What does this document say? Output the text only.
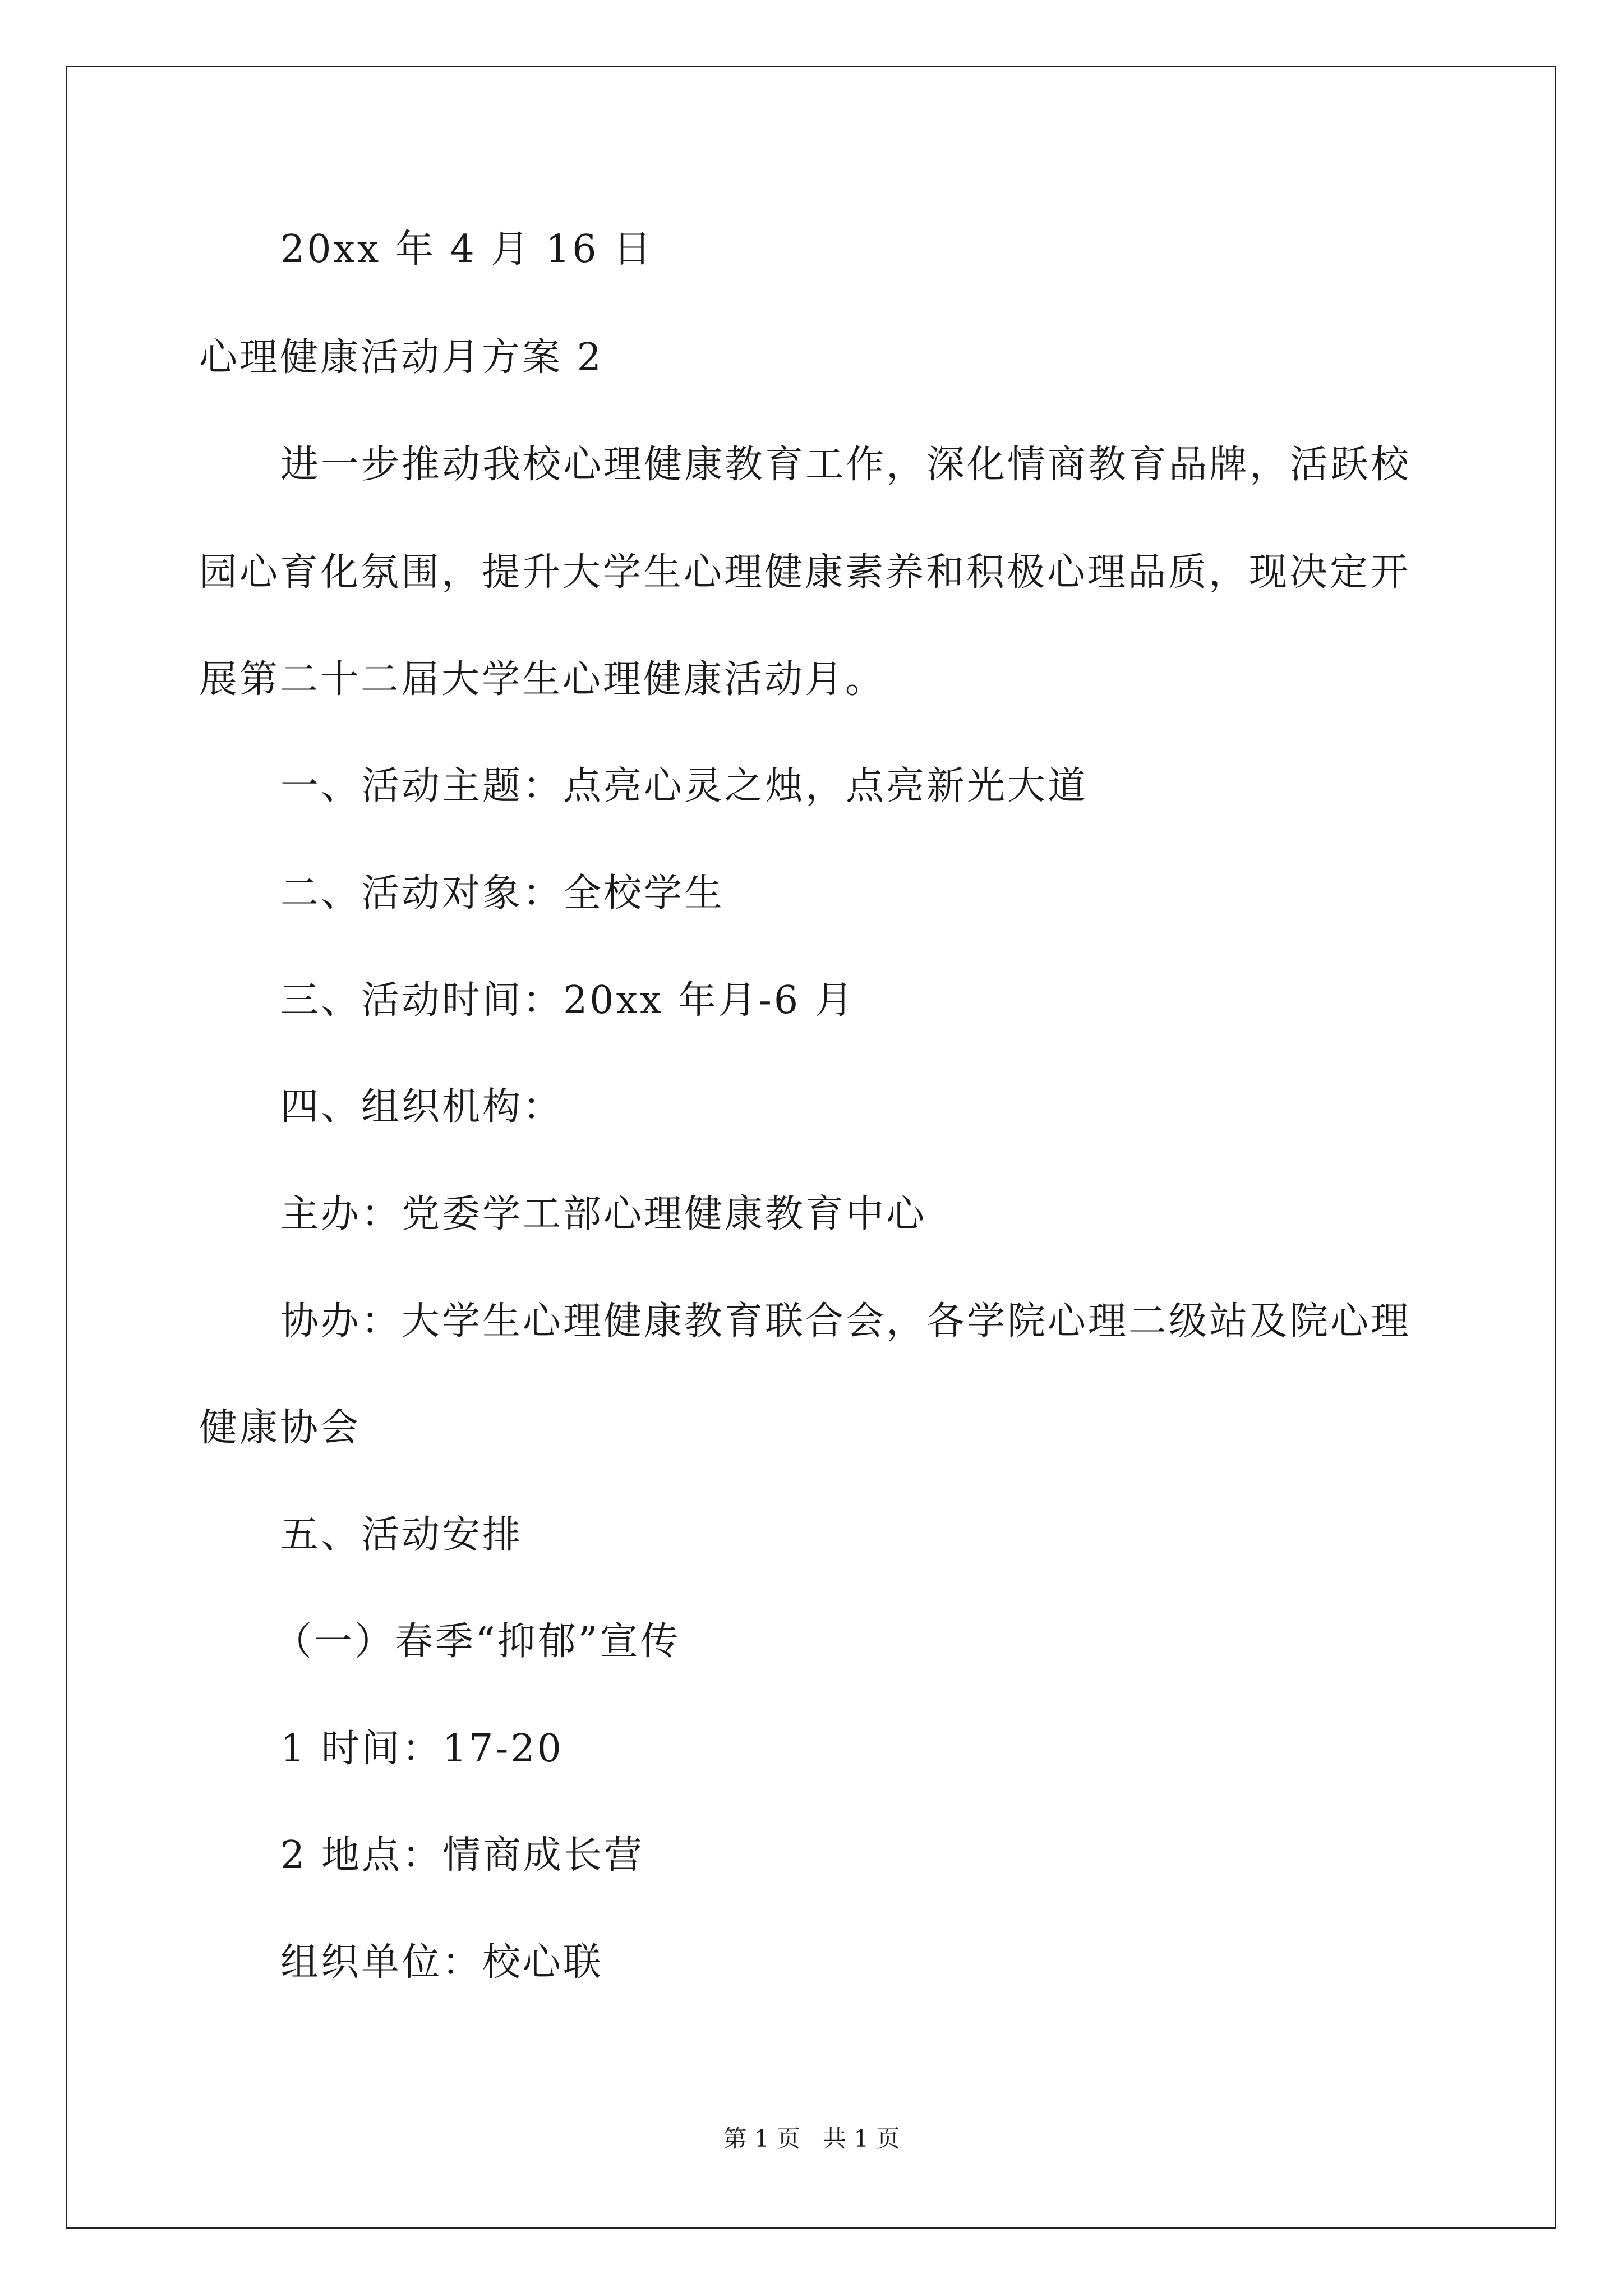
20xx 年 4 月 16 日
心理健康活动月方案 2
进一步推动我校心理健康教育工作，深化情商教育品牌，活跃校
园心育化氛围，提升大学生心理健康素养和积极心理品质，现决定开
展第二十二届大学生心理健康活动月。
一、活动主题：点亮心灵之烛，点亮新光大道
二、活动对象：全校学生
三、活动时间：20xx 年月-6 月
四、组织机构：
主办：党委学工部心理健康教育中心
协办：大学生心理健康教育联合会，各学院心理二级站及院心理
健康协会
五、活动安排
（一）春季“抑郁”宣传
1 时间：17-20
2 地点：情商成长营
组织单位：校心联
第 1 页   共 1 页
